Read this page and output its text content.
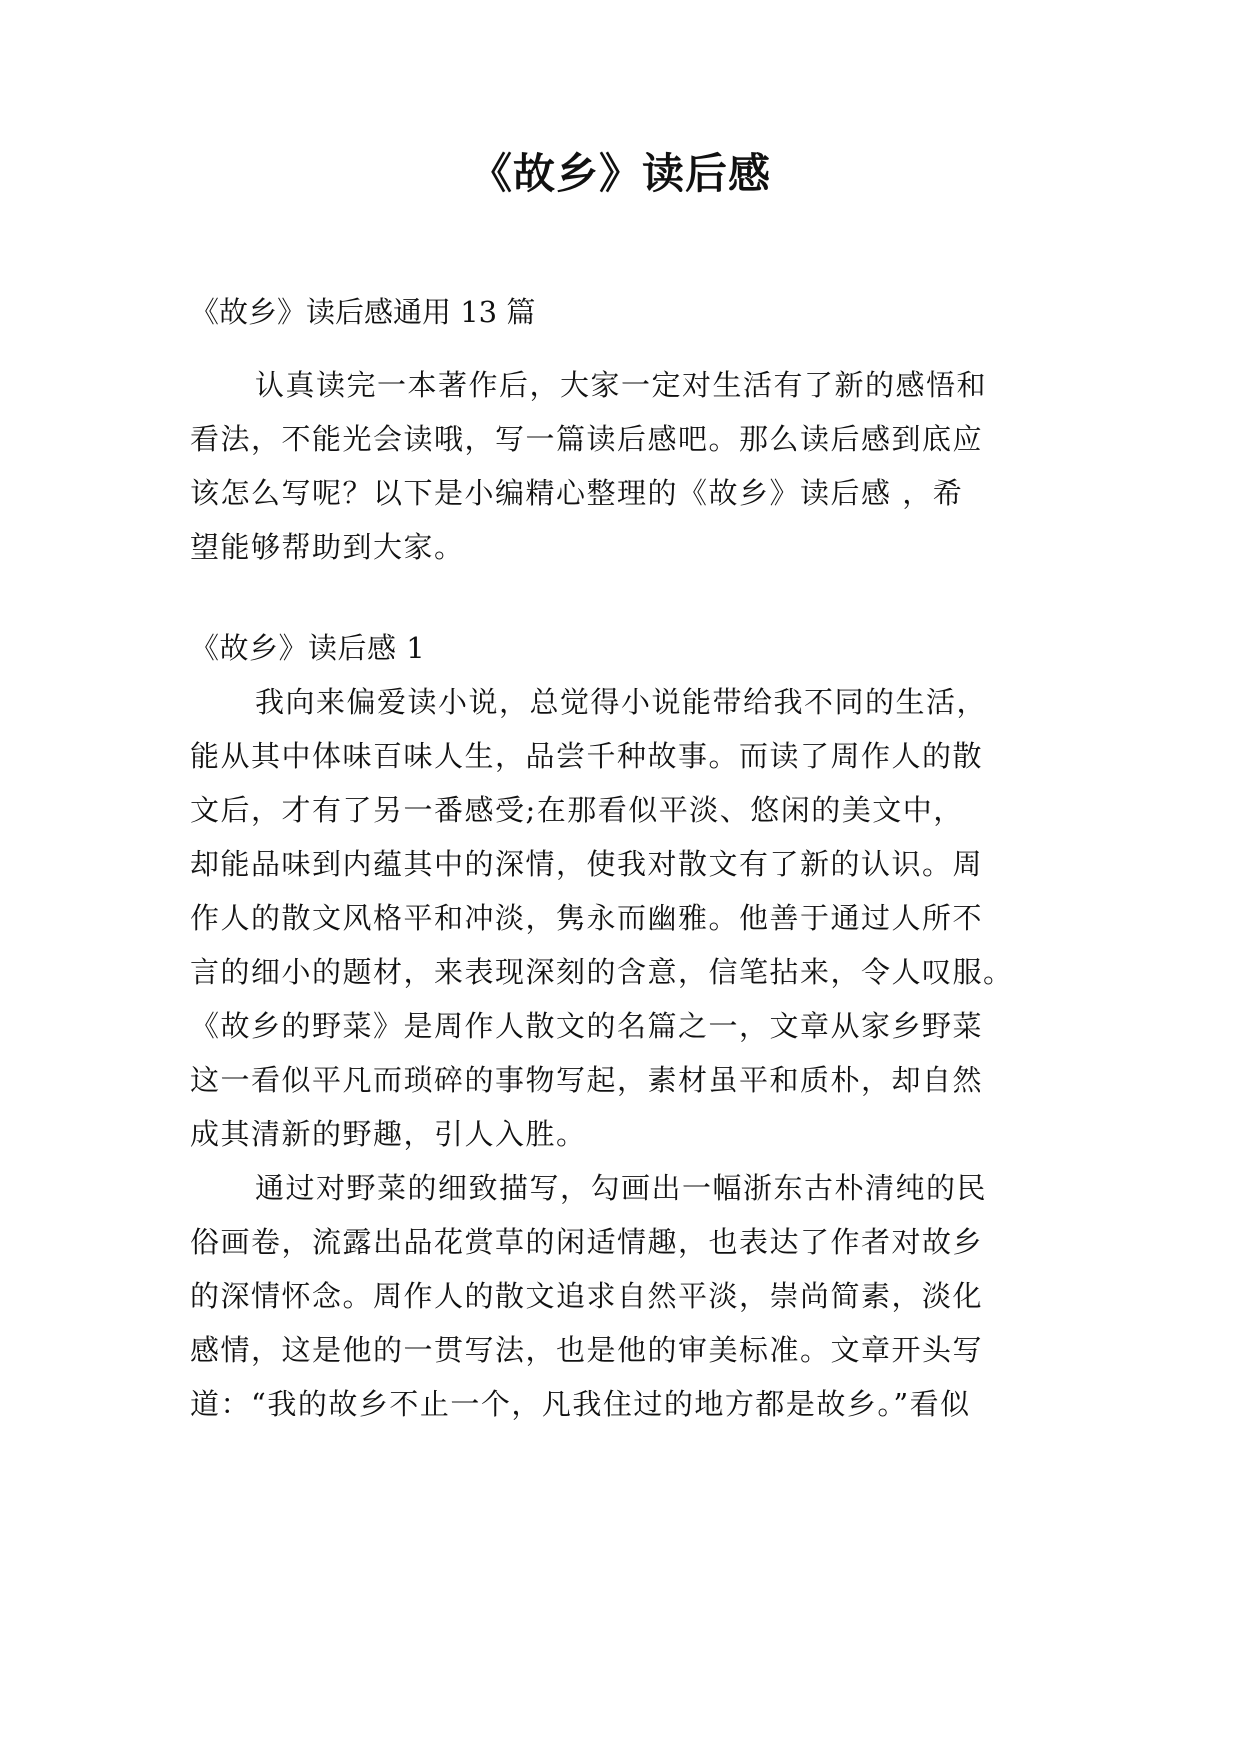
《故乡》读后感

《故乡》读后感通用 13 篇

认真读完一本著作后，大家一定对生活有了新的感悟和

看法，不能光会读哦，写一篇读后感吧。那么读后感到底应

该怎么写呢？以下是小编精心整理的《故乡》读后感 ，希

望能够帮助到大家。

《故乡》读后感 1

我向来偏爱读小说，总觉得小说能带给我不同的生活，

能从其中体味百味人生，品尝千种故事。而读了周作人的散

文后，才有了另一番感受;在那看似平淡、悠闲的美文中，

却能品味到内蕴其中的深情，使我对散文有了新的认识。周

作人的散文风格平和冲淡，隽永而幽雅。他善于通过人所不

言的细小的题材，来表现深刻的含意，信笔拈来，令人叹服。

《故乡的野菜》是周作人散文的名篇之一，文章从家乡野菜

这一看似平凡而琐碎的事物写起，素材虽平和质朴，却自然

成其清新的野趣，引人入胜。

通过对野菜的细致描写，勾画出一幅浙东古朴清纯的民

俗画卷，流露出品花赏草的闲适情趣，也表达了作者对故乡

的深情怀念。周作人的散文追求自然平淡，崇尚简素，淡化

感情，这是他的一贯写法，也是他的审美标准。文章开头写

道：“我的故乡不止一个，凡我住过的地方都是故乡。”看似
